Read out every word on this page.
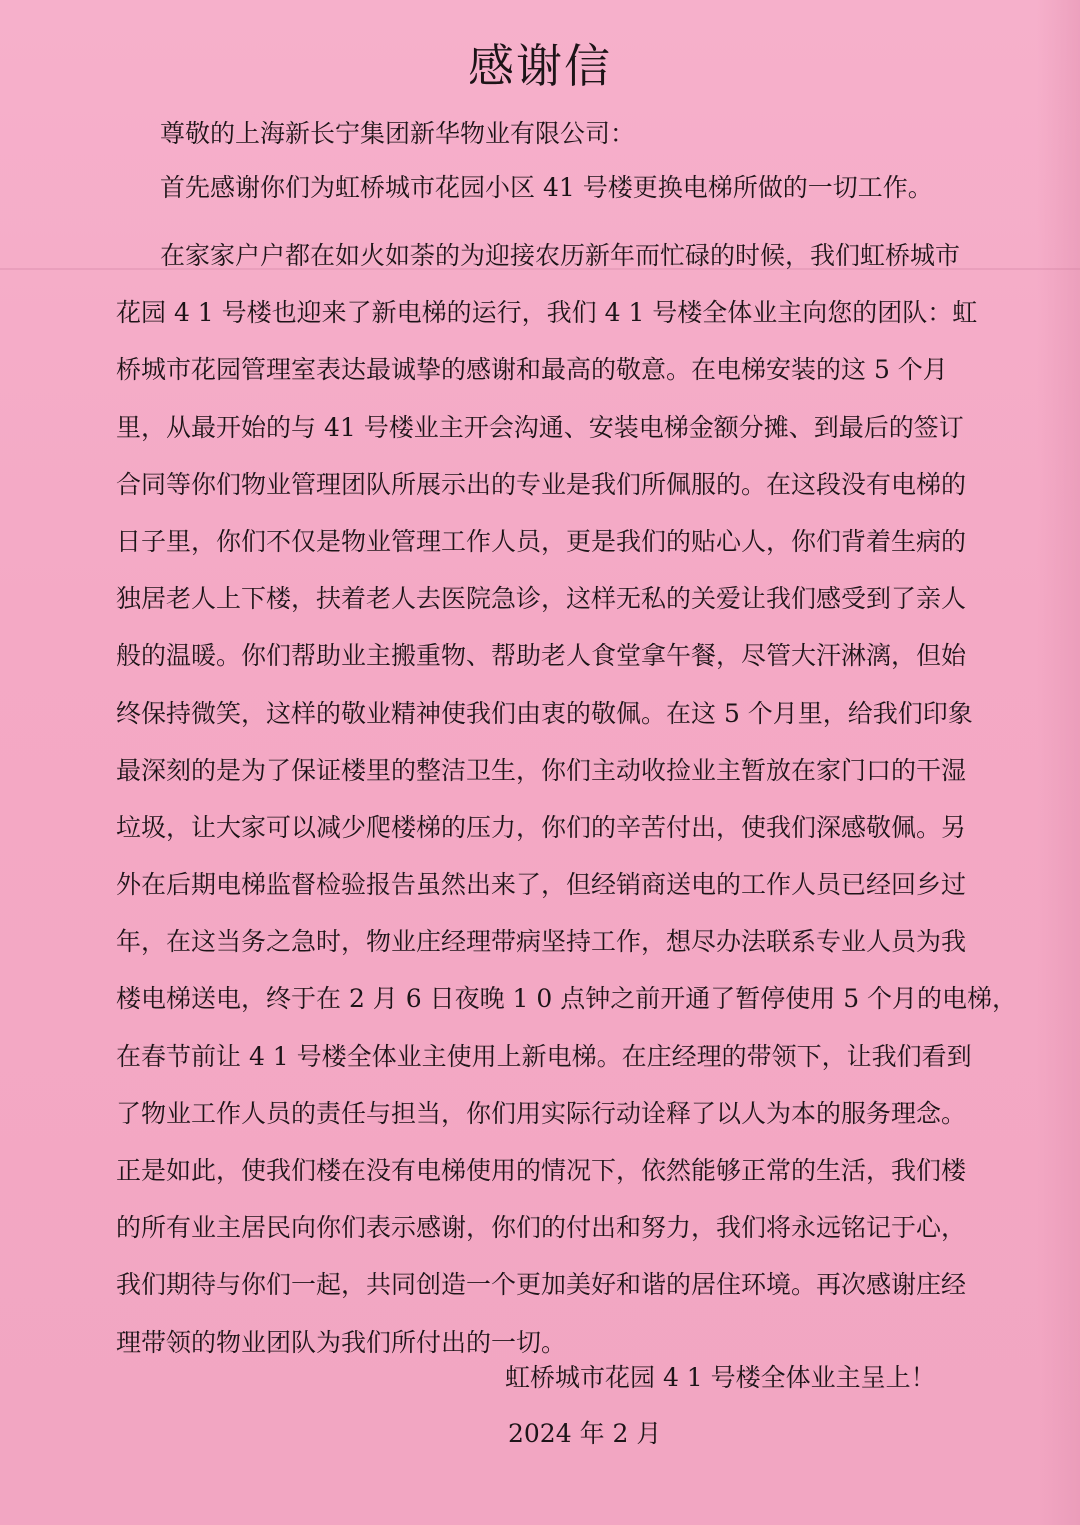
感谢信
尊敬的上海新长宁集团新华物业有限公司：
首先感谢你们为虹桥城市花园小区 41 号楼更换电梯所做的一切工作。
在家家户户都在如火如荼的为迎接农历新年而忙碌的时候，我们虹桥城市
花园 4 1 号楼也迎来了新电梯的运行，我们 4 1 号楼全体业主向您的团队：虹
桥城市花园管理室表达最诚挚的感谢和最高的敬意。在电梯安装的这 5 个月
里，从最开始的与 41 号楼业主开会沟通、安装电梯金额分摊、到最后的签订
合同等你们物业管理团队所展示出的专业是我们所佩服的。在这段没有电梯的
日子里，你们不仅是物业管理工作人员，更是我们的贴心人，你们背着生病的
独居老人上下楼，扶着老人去医院急诊，这样无私的关爱让我们感受到了亲人
般的温暖。你们帮助业主搬重物、帮助老人食堂拿午餐，尽管大汗淋漓，但始
终保持微笑，这样的敬业精神使我们由衷的敬佩。在这 5 个月里，给我们印象
最深刻的是为了保证楼里的整洁卫生，你们主动收捡业主暂放在家门口的干湿
垃圾，让大家可以减少爬楼梯的压力，你们的辛苦付出，使我们深感敬佩。另
外在后期电梯监督检验报告虽然出来了，但经销商送电的工作人员已经回乡过
年，在这当务之急时，物业庄经理带病坚持工作，想尽办法联系专业人员为我
楼电梯送电，终于在 2 月 6 日夜晚 1 0 点钟之前开通了暂停使用 5 个月的电梯，
在春节前让 4 1 号楼全体业主使用上新电梯。在庄经理的带领下，让我们看到
了物业工作人员的责任与担当，你们用实际行动诠释了以人为本的服务理念。
正是如此，使我们楼在没有电梯使用的情况下，依然能够正常的生活，我们楼
的所有业主居民向你们表示感谢，你们的付出和努力，我们将永远铭记于心，
我们期待与你们一起，共同创造一个更加美好和谐的居住环境。再次感谢庄经
理带领的物业团队为我们所付出的一切。
虹桥城市花园 4 1 号楼全体业主呈上！
2024 年 2 月
